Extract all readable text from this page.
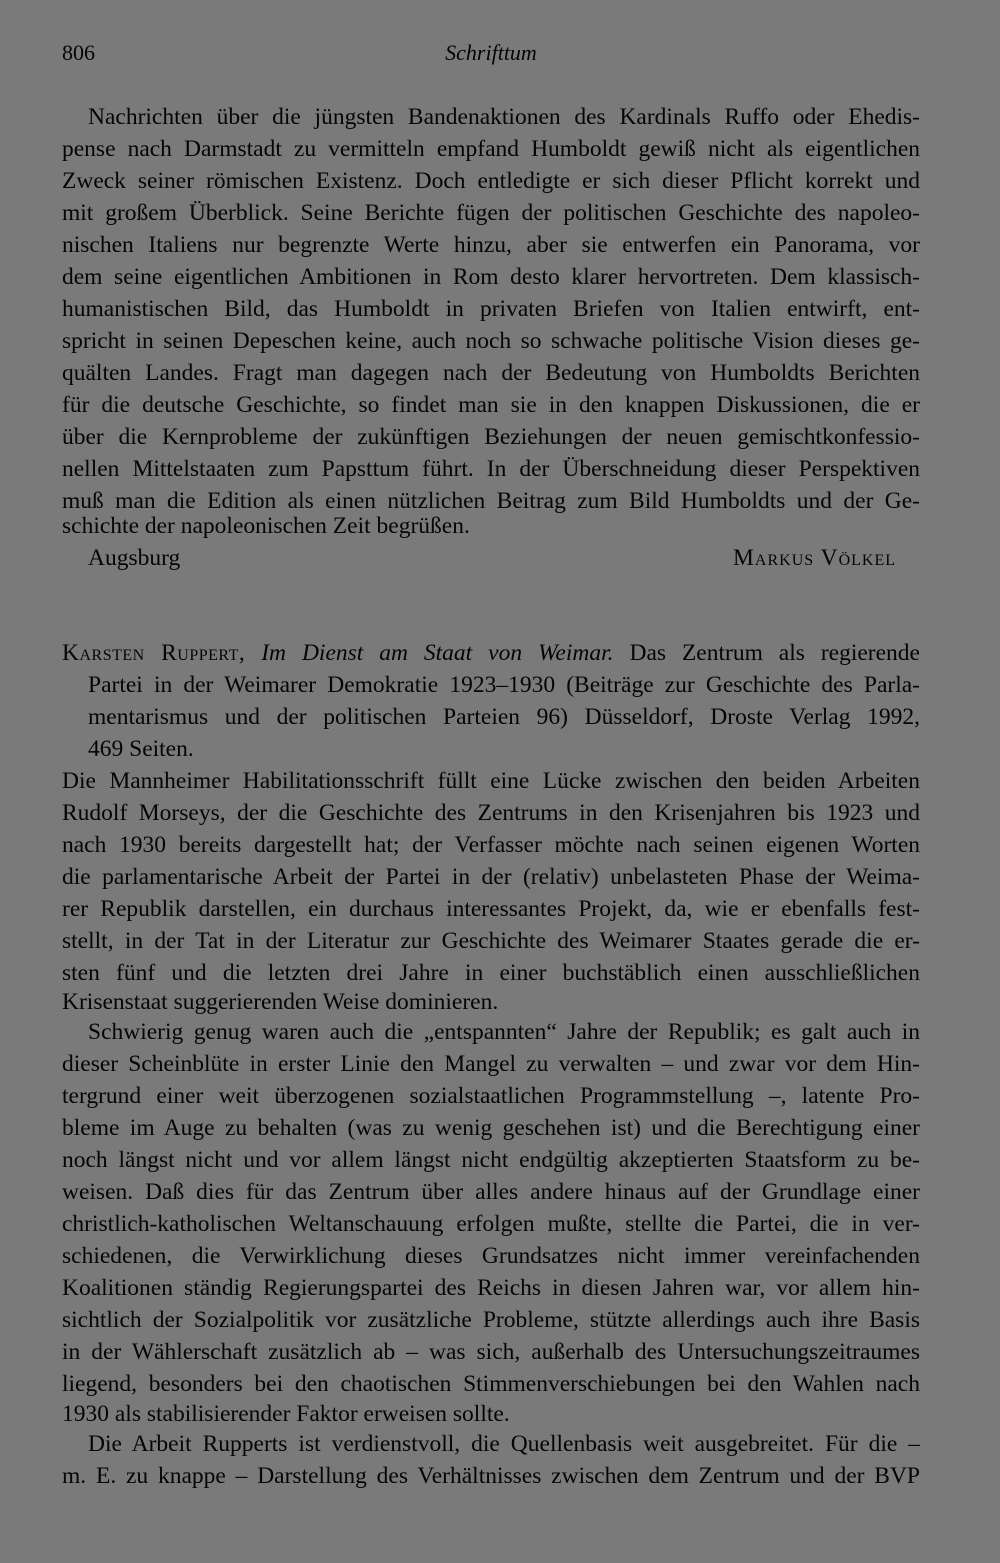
806	Schrifttum
Nachrichten über die jüngsten Bandenaktionen des Kardinals Ruffo oder Ehedis-
pense nach Darmstadt zu vermitteln empfand Humboldt gewiß nicht als eigentlichen
Zweck seiner römischen Existenz. Doch entledigte er sich dieser Pflicht korrekt und
mit großem Überblick. Seine Berichte fügen der politischen Geschichte des napoleo-
nischen Italiens nur begrenzte Werte hinzu, aber sie entwerfen ein Panorama, vor
dem seine eigentlichen Ambitionen in Rom desto klarer hervortreten. Dem klassisch-
humanistischen Bild, das Humboldt in privaten Briefen von Italien entwirft, ent-
spricht in seinen Depeschen keine, auch noch so schwache politische Vision dieses ge-
quälten Landes. Fragt man dagegen nach der Bedeutung von Humboldts Berichten
für die deutsche Geschichte, so findet man sie in den knappen Diskussionen, die er
über die Kernprobleme der zukünftigen Beziehungen der neuen gemischtkonfessio-
nellen Mittelstaaten zum Papsttum führt. In der Überschneidung dieser Perspektiven
muß man die Edition als einen nützlichen Beitrag zum Bild Humboldts und der Ge-
schichte der napoleonischen Zeit begrüßen.
Augsburg	Markus Völkel
Karsten Ruppert, Im Dienst am Staat von Weimar. Das Zentrum als regierende
Partei in der Weimarer Demokratie 1923–1930 (Beiträge zur Geschichte des Parla-
mentarismus und der politischen Parteien 96) Düsseldorf, Droste Verlag 1992,
469 Seiten.
Die Mannheimer Habilitationsschrift füllt eine Lücke zwischen den beiden Arbeiten
Rudolf Morseys, der die Geschichte des Zentrums in den Krisenjahren bis 1923 und
nach 1930 bereits dargestellt hat; der Verfasser möchte nach seinen eigenen Worten
die parlamentarische Arbeit der Partei in der (relativ) unbelasteten Phase der Weima-
rer Republik darstellen, ein durchaus interessantes Projekt, da, wie er ebenfalls fest-
stellt, in der Tat in der Literatur zur Geschichte des Weimarer Staates gerade die er-
sten fünf und die letzten drei Jahre in einer buchstäblich einen ausschließlichen
Krisenstaat suggerierenden Weise dominieren.
Schwierig genug waren auch die „entspannten“ Jahre der Republik; es galt auch in
dieser Scheinblüte in erster Linie den Mangel zu verwalten – und zwar vor dem Hin-
tergrund einer weit überzogenen sozialstaatlichen Programmstellung –, latente Pro-
bleme im Auge zu behalten (was zu wenig geschehen ist) und die Berechtigung einer
noch längst nicht und vor allem längst nicht endgültig akzeptierten Staatsform zu be-
weisen. Daß dies für das Zentrum über alles andere hinaus auf der Grundlage einer
christlich-katholischen Weltanschauung erfolgen mußte, stellte die Partei, die in ver-
schiedenen, die Verwirklichung dieses Grundsatzes nicht immer vereinfachenden
Koalitionen ständig Regierungspartei des Reichs in diesen Jahren war, vor allem hin-
sichtlich der Sozialpolitik vor zusätzliche Probleme, stützte allerdings auch ihre Basis
in der Wählerschaft zusätzlich ab – was sich, außerhalb des Untersuchungszeitraumes
liegend, besonders bei den chaotischen Stimmenverschiebungen bei den Wahlen nach
1930 als stabilisierender Faktor erweisen sollte.
Die Arbeit Rupperts ist verdienstvoll, die Quellenbasis weit ausgebreitet. Für die –
m. E. zu knappe – Darstellung des Verhältnisses zwischen dem Zentrum und der BVP
